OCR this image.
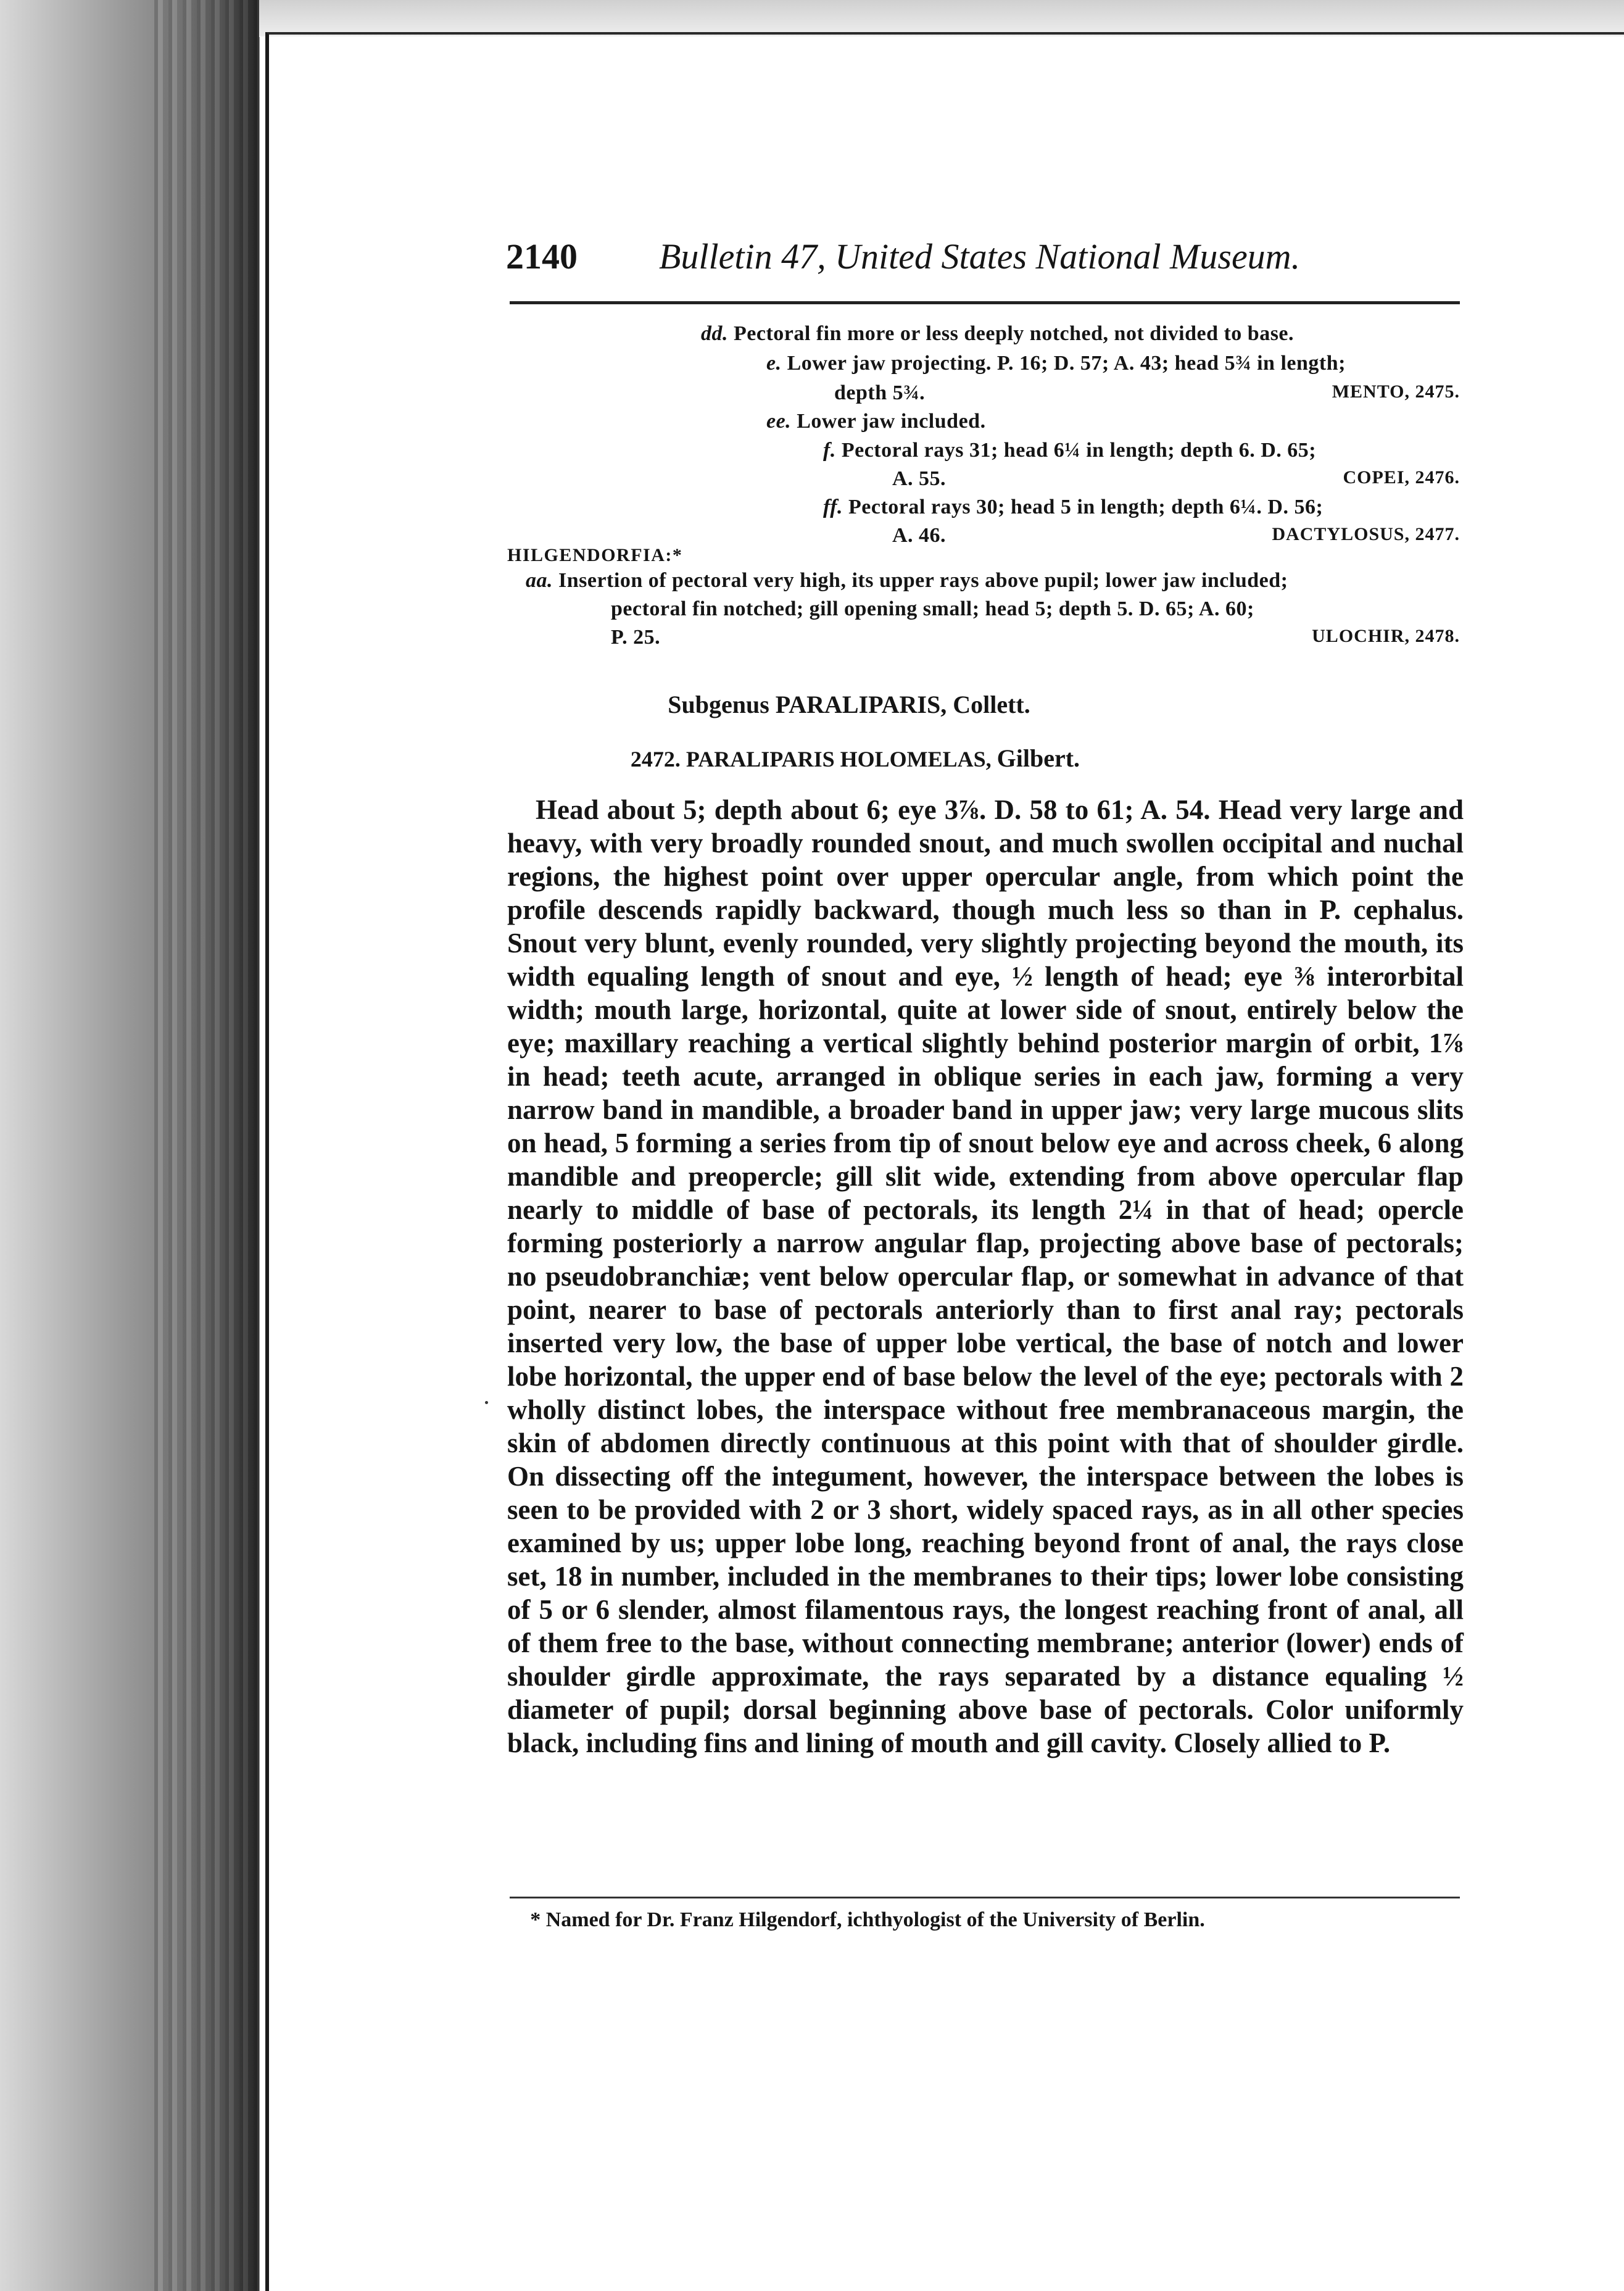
2140 Bulletin 47, United States National Museum.
dd. Pectoral fin more or less deeply notched, not divided to base.
e. Lower jaw projecting. P. 16; D. 57; A. 43; head 5¾ in length;
depth 5¾.	MENTO, 2475.
ee. Lower jaw included.
f. Pectoral rays 31; head 6¼ in length; depth 6. D. 65;
A. 55.	COPEI, 2476.
ff. Pectoral rays 30; head 5 in length; depth 6¼. D. 56;
A. 46.	DACTYLOSUS, 2477.
HILGENDORFIA:*
aa. Insertion of pectoral very high, its upper rays above pupil; lower jaw included;
pectoral fin notched; gill opening small; head 5; depth 5. D. 65; A. 60;
P. 25.	ULOCHIR, 2478.
Subgenus PARALIPARIS, Collett.
2472. PARALIPARIS HOLOMELAS, Gilbert.
Head about 5; depth about 6; eye 3⅞. D. 58 to 61; A. 54. Head very large and heavy, with very broadly rounded snout, and much swollen occipital and nuchal regions, the highest point over upper opercular angle, from which point the profile descends rapidly backward, though much less so than in P. cephalus. Snout very blunt, evenly rounded, very slightly projecting beyond the mouth, its width equaling length of snout and eye, ½ length of head; eye ⅜ interorbital width; mouth large, horizontal, quite at lower side of snout, entirely below the eye; maxillary reaching a vertical slightly behind posterior margin of orbit, 1⅞ in head; teeth acute, arranged in oblique series in each jaw, forming a very narrow band in mandible, a broader band in upper jaw; very large mucous slits on head, 5 forming a series from tip of snout below eye and across cheek, 6 along mandible and preopercle; gill slit wide, extending from above opercular flap nearly to middle of base of pectorals, its length 2¼ in that of head; opercle forming posteriorly a narrow angular flap, projecting above base of pectorals; no pseudobranchiæ; vent below opercular flap, or somewhat in advance of that point, nearer to base of pectorals anteriorly than to first anal ray; pectorals inserted very low, the base of upper lobe vertical, the base of notch and lower lobe horizontal, the upper end of base below the level of the eye; pectorals with 2 wholly distinct lobes, the interspace without free membranaceous margin, the skin of abdomen directly continuous at this point with that of shoulder girdle. On dissecting off the integument, however, the interspace between the lobes is seen to be provided with 2 or 3 short, widely spaced rays, as in all other species examined by us; upper lobe long, reaching beyond front of anal, the rays close set, 18 in number, included in the membranes to their tips; lower lobe consisting of 5 or 6 slender, almost filamentous rays, the longest reaching front of anal, all of them free to the base, without connecting membrane; anterior (lower) ends of shoulder girdle approximate, the rays separated by a distance equaling ½ diameter of pupil; dorsal beginning above base of pectorals. Color uniformly black, including fins and lining of mouth and gill cavity. Closely allied to P.
* Named for Dr. Franz Hilgendorf, ichthyologist of the University of Berlin.
